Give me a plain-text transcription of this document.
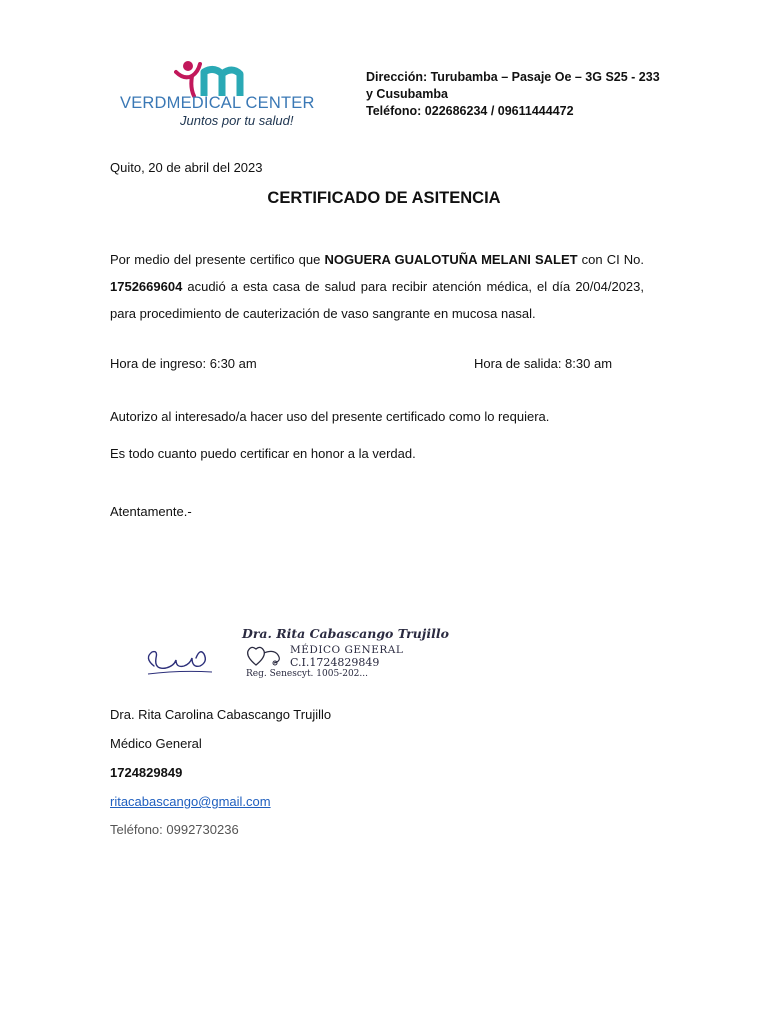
VERDMEDICAL CENTER
Juntos por tu salud!
Dirección: Turubamba – Pasaje Oe – 3G S25 - 233 y Cusubamba
Teléfono: 022686234 / 09611444472
Quito, 20 de abril del 2023
CERTIFICADO DE ASITENCIA
Por medio del presente certifico que NOGUERA GUALOTUÑA MELANI SALET con CI No. 1752669604 acudió a esta casa de salud para recibir atención médica, el día 20/04/2023, para procedimiento de cauterización de vaso sangrante en mucosa nasal.
Hora de ingreso: 6:30 am	Hora de salida: 8:30 am
Autorizo al interesado/a hacer uso del presente certificado como lo requiera.
Es todo cuanto puedo certificar en honor a la verdad.
Atentamente.-
Dra. Rita Cabascango Trujillo
MÉDICO GENERAL
C.I.1724829849
Reg. Senescyt. 1005-202...
Dra. Rita Carolina Cabascango Trujillo
Médico General
1724829849
ritacabascango@gmail.com
Teléfono: 0992730236
